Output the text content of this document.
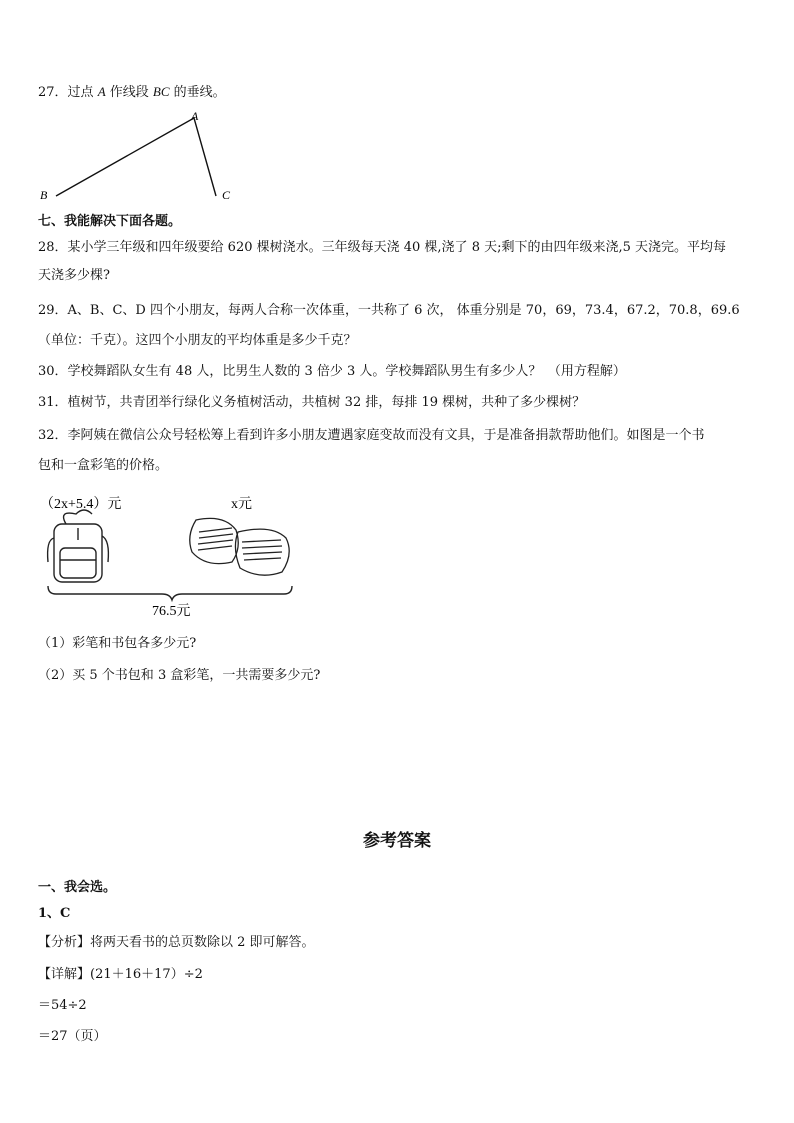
27．过点 A 作线段 BC 的垂线。
A
B	C
七、我能解决下面各题。
28．某小学三年级和四年级要给 620 棵树浇水。三年级每天浇 40 棵,浇了 8 天;剩下的由四年级来浇,5 天浇完。平均每
天浇多少棵?
29．A、B、C、D 四个小朋友，每两人合称一次体重，一共称了 6 次， 体重分别是 70，69，73.4，67.2，70.8，69.6
（单位：千克）。这四个小朋友的平均体重是多少千克？
30．学校舞蹈队女生有 48 人，比男生人数的 3 倍少 3 人。学校舞蹈队男生有多少人？　（用方程解）
31．植树节，共青团举行绿化义务植树活动，共植树 32 排，每排 19 棵树，共种了多少棵树？
32．李阿姨在微信公众号轻松筹上看到许多小朋友遭遇家庭变故而没有文具，于是准备捐款帮助他们。如图是一个书
包和一盒彩笔的价格。
（2x+5.4）元	x元
76.5元
（1）彩笔和书包各多少元?
（2）买 5 个书包和 3 盒彩笔，一共需要多少元?
参考答案
一、我会选。
1、C
【分析】将两天看书的总页数除以 2 即可解答。
【详解】(21＋16＋17）÷2
＝54÷2
＝27（页）
